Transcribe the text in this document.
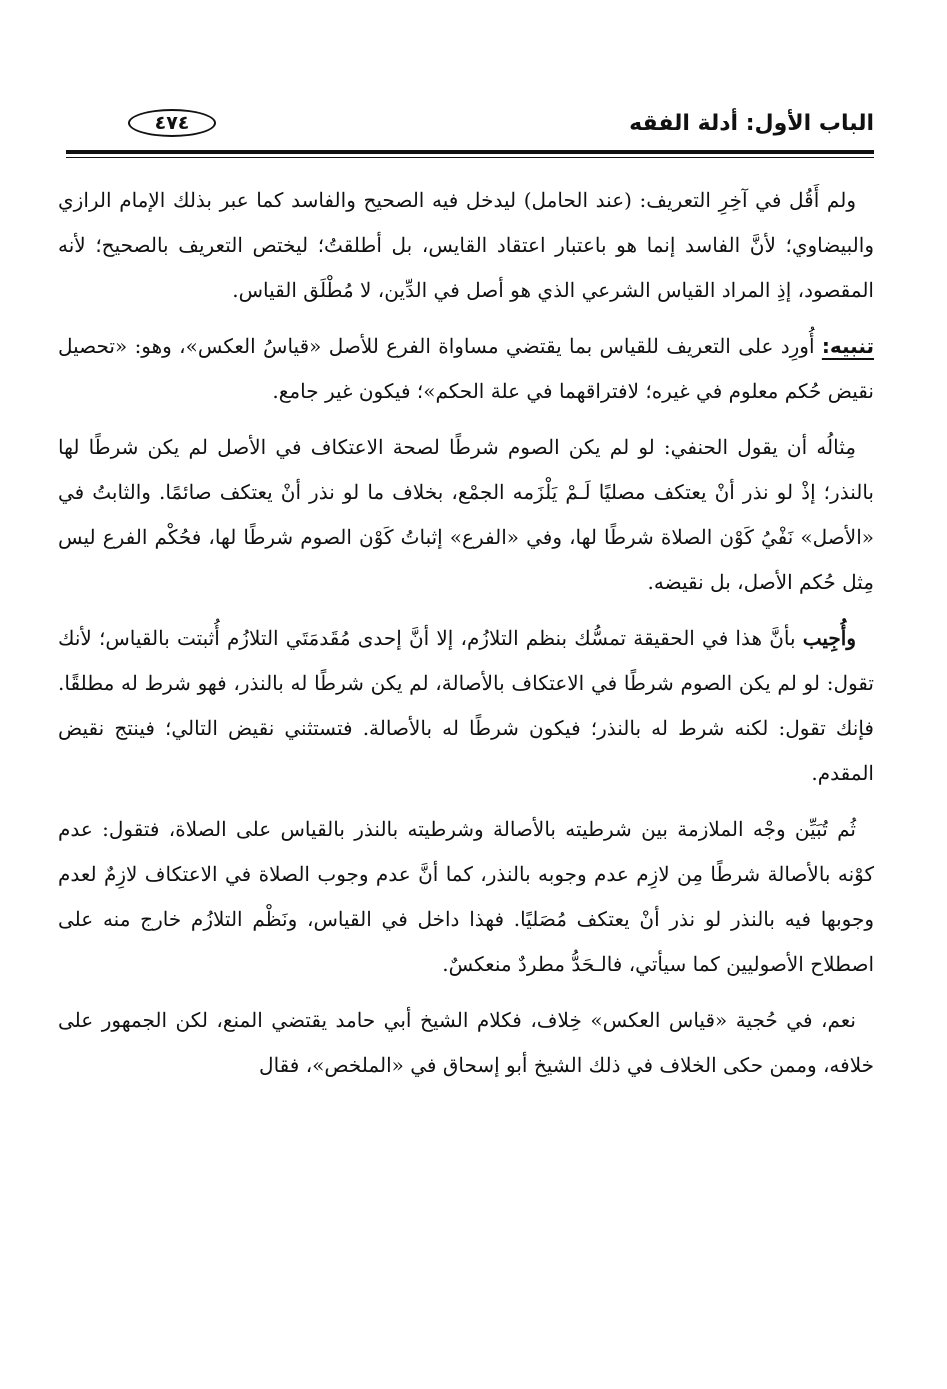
الباب الأول: أدلة الفقه
٤٧٤

ولم أَقُل في آخِرِ التعريف: (عند الحامل) ليدخل فيه الصحيح والفاسد كما عبر بذلك الإمام الرازي والبيضاوي؛ لأنَّ الفاسد إنما هو باعتبار اعتقاد القايس، بل أطلقتُ؛ ليختص التعريف بالصحيح؛ لأنه المقصود، إذِ المراد القياس الشرعي الذي هو أصل في الدِّين، لا مُطْلَق القياس.

تنبيه: أُورِد على التعريف للقياس بما يقتضي مساواة الفرع للأصل «قياسُ العكس»، وهو: «تحصيل نقيض حُكم معلوم في غيره؛ لافتراقهما في علة الحكم»؛ فيكون غير جامع.

مِثالُه أن يقول الحنفي: لو لم يكن الصوم شرطًا لصحة الاعتكاف في الأصل لم يكن شرطًا لها بالنذر؛ إذْ لو نذر أنْ يعتكف مصليًا لَـمْ يَلْزَمه الجمْع، بخلاف ما لو نذر أنْ يعتكف صائمًا. والثابتُ في «الأصل» نَفْيُ كَوْن الصلاة شرطًا لها، وفي «الفرع» إثباتُ كَوْن الصوم شرطًا لها، فحُكْم الفرع ليس مِثل حُكم الأصل، بل نقيضه.

وأُجِيب بأنَّ هذا في الحقيقة تمسُّك بنظم التلازُم، إلا أنَّ إحدى مُقَدمَتَي التلازُم أُثبتت بالقياس؛ لأنك تقول: لو لم يكن الصوم شرطًا في الاعتكاف بالأصالة، لم يكن شرطًا له بالنذر، فهو شرط له مطلقًا. فإنك تقول: لكنه شرط له بالنذر؛ فيكون شرطًا له بالأصالة. فتستثني نقيض التالي؛ فينتج نقيض المقدم.

ثُم تُبَيِّن وجْه الملازمة بين شرطيته بالأصالة وشرطيته بالنذر بالقياس على الصلاة، فتقول: عدم كوْنه بالأصالة شرطًا مِن لازِم عدم وجوبه بالنذر، كما أنَّ عدم وجوب الصلاة في الاعتكاف لازِمٌ لعدم وجوبها فيه بالنذر لو نذر أنْ يعتكف مُصَليًا. فهذا داخل في القياس، ونَظْم التلازُم خارج منه على اصطلاح الأصوليين كما سيأتي، فالـحَدُّ مطردٌ منعكسٌ.

نعم، في حُجية «قياس العكس» خِلاف، فكلام الشيخ أبي حامد يقتضي المنع، لكن الجمهور على خلافه، وممن حكى الخلاف في ذلك الشيخ أبو إسحاق في «الملخص»، فقال
